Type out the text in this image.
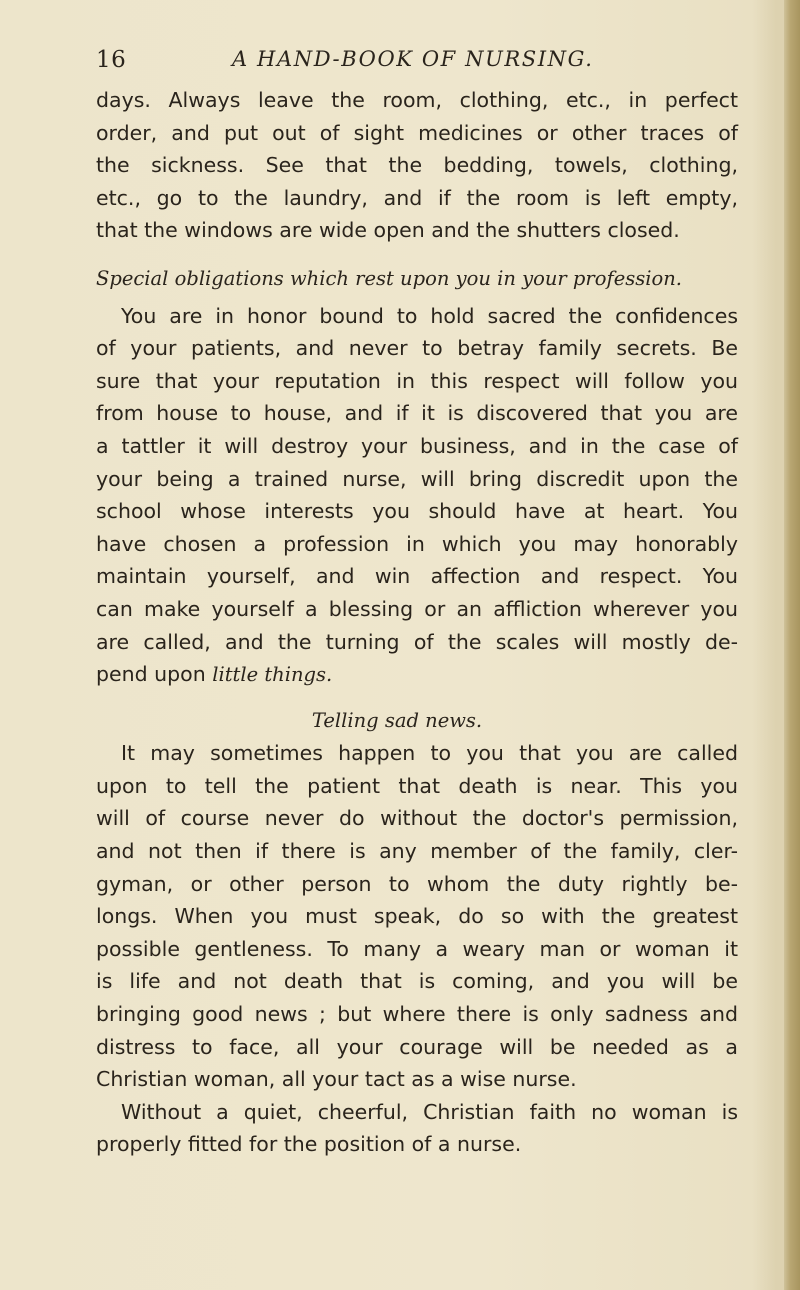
16	A HAND-BOOK OF NURSING.
days. Always leave the room, clothing, etc., in perfect
order, and put out of sight medicines or other traces of
the sickness. See that the bedding, towels, clothing,
etc., go to the laundry, and if the room is left empty,
that the windows are wide open and the shutters closed.
Special obligations which rest upon you in your profession.
You are in honor bound to hold sacred the confidences
of your patients, and never to betray family secrets. Be
sure that your reputation in this respect will follow you
from house to house, and if it is discovered that you are
a tattler it will destroy your business, and in the case of
your being a trained nurse, will bring discredit upon the
school whose interests you should have at heart. You
have chosen a profession in which you may honorably
maintain yourself, and win affection and respect. You
can make yourself a blessing or an affliction wherever you
are called, and the turning of the scales will mostly de-
pend upon little things.
Telling sad news.
It may sometimes happen to you that you are called
upon to tell the patient that death is near. This you
will of course never do without the doctor's permission,
and not then if there is any member of the family, cler-
gyman, or other person to whom the duty rightly be-
longs. When you must speak, do so with the greatest
possible gentleness. To many a weary man or woman it
is life and not death that is coming, and you will be
bringing good news ; but where there is only sadness and
distress to face, all your courage will be needed as a
Christian woman, all your tact as a wise nurse.
Without a quiet, cheerful, Christian faith no woman is
properly fitted for the position of a nurse.
